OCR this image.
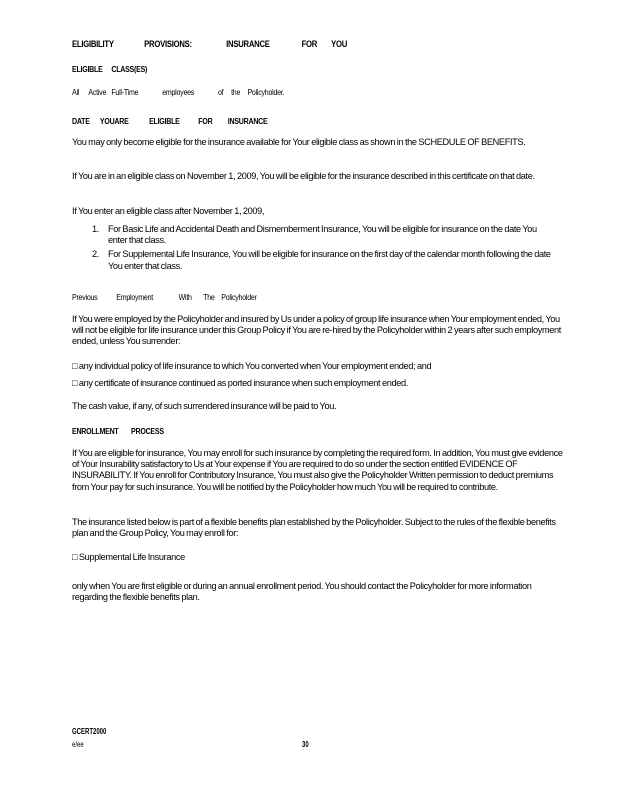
ELIGIBILITY	PROVISIONS:	INSURANCE	FOR YOU
ELIGIBLE CLASS(ES)
All Active Full-Time	employees	of the Policyholder.
DATE YOUARE ELIGIBLE FOR INSURANCE
You may only become eligible for the insurance available for Your eligible class as shown in the SCHEDULE OF BENEFITS.
If You are in an eligible class on November 1, 2009, You will be eligible for the insurance described in this certificate on that date.
If You enter an eligible class after November 1, 2009,
1. For Basic Life and Accidental Death and Dismemberment Insurance, You will be eligible for insurance on the date You enter that class.
2. For Supplemental Life Insurance, You will be eligible for insurance on the first day of the calendar month following the date You enter that class.
Previous Employment	With The Policyholder
If You were employed by the Policyholder and insured by Us under a policy of group life insurance when Your employment ended, You will not be eligible for life insurance under this Group Policy if You are re-hired by the Policyholder within 2 years after such employment ended, unless You surrender:
□ any individual policy of life insurance to which You converted when Your employment ended; and
□ any certificate of insurance continued as ported insurance when such employment ended.
The cash value, if any, of such surrendered insurance will be paid to You.
ENROLLMENT PROCESS
If You are eligible for insurance, You may enroll for such insurance by completing the required form. In addition, You must give evidence of Your Insurability satisfactory to Us at Your expense if You are required to do so under the section entitled EVIDENCE OF INSURABILITY. If You enroll for Contributory Insurance, You must also give the Policyholder Written permission to deduct premiums from Your pay for such insurance. You will be notified by the Policyholder how much You will be required to contribute.
The insurance listed below is part of a flexible benefits plan established by the Policyholder. Subject to the rules of the flexible benefits plan and the Group Policy, You may enroll for:
□ Supplemental Life Insurance
only when You are first eligible or during an annual enrollment period. You should contact the Policyholder for more information regarding the flexible benefits plan.
GCERT2000
e/ee	30
